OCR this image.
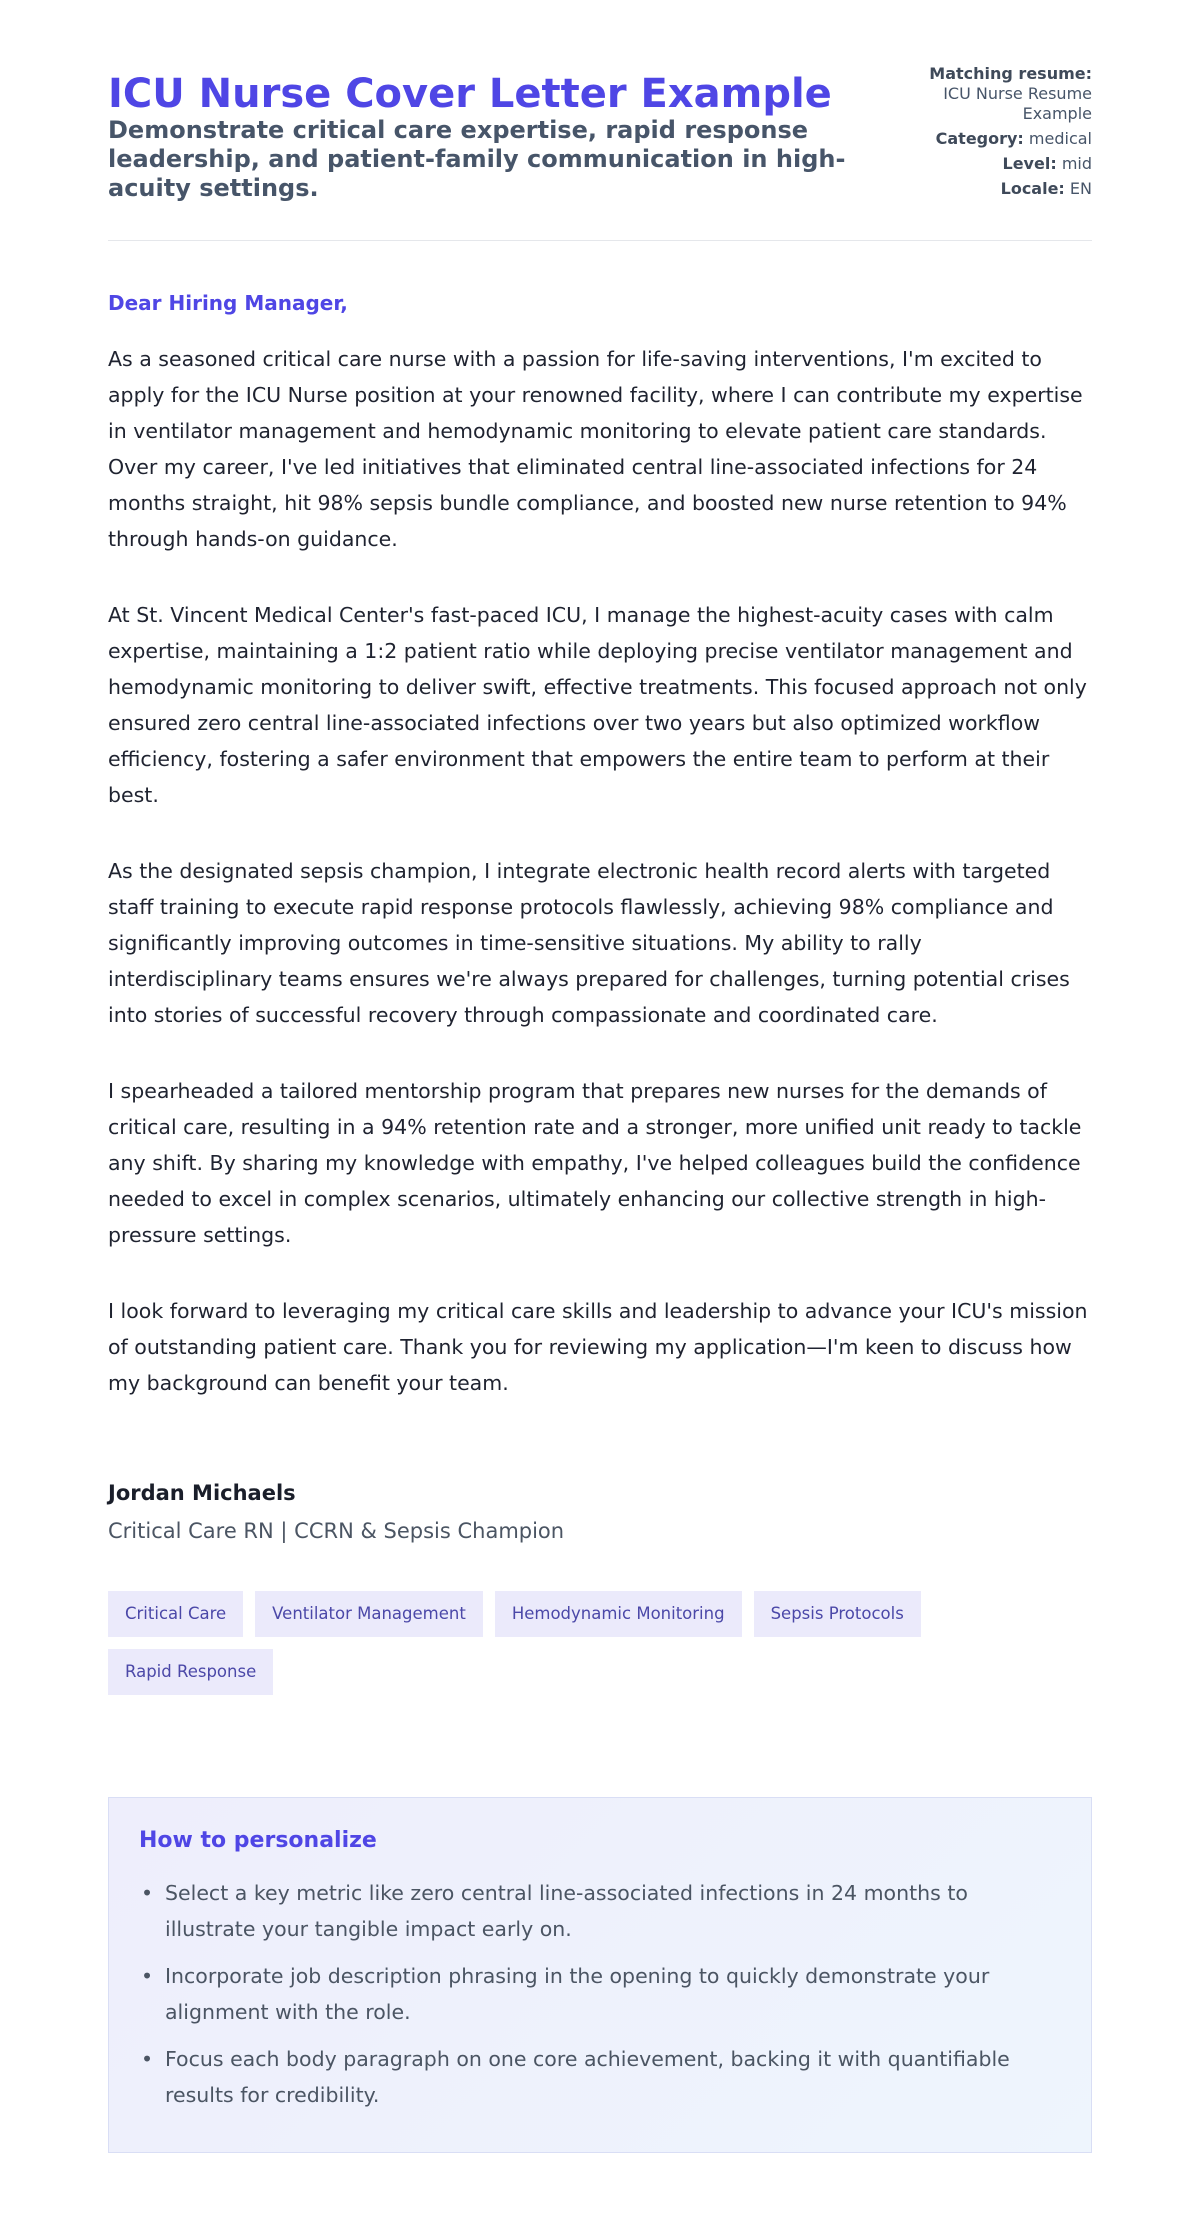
ICU Nurse Cover Letter Example
Demonstrate critical care expertise, rapid response leadership, and patient-family communication in high-acuity settings.
Matching resume:
ICU Nurse Resume Example
Category: medical
Level: mid
Locale: EN

Dear Hiring Manager,

As a seasoned critical care nurse with a passion for life-saving interventions, I'm excited to apply for the ICU Nurse position at your renowned facility, where I can contribute my expertise in ventilator management and hemodynamic monitoring to elevate patient care standards. Over my career, I've led initiatives that eliminated central line-associated infections for 24 months straight, hit 98% sepsis bundle compliance, and boosted new nurse retention to 94% through hands-on guidance.

At St. Vincent Medical Center's fast-paced ICU, I manage the highest-acuity cases with calm expertise, maintaining a 1:2 patient ratio while deploying precise ventilator management and hemodynamic monitoring to deliver swift, effective treatments. This focused approach not only ensured zero central line-associated infections over two years but also optimized workflow efficiency, fostering a safer environment that empowers the entire team to perform at their best.

As the designated sepsis champion, I integrate electronic health record alerts with targeted staff training to execute rapid response protocols flawlessly, achieving 98% compliance and significantly improving outcomes in time-sensitive situations. My ability to rally interdisciplinary teams ensures we're always prepared for challenges, turning potential crises into stories of successful recovery through compassionate and coordinated care.

I spearheaded a tailored mentorship program that prepares new nurses for the demands of critical care, resulting in a 94% retention rate and a stronger, more unified unit ready to tackle any shift. By sharing my knowledge with empathy, I've helped colleagues build the confidence needed to excel in complex scenarios, ultimately enhancing our collective strength in high-pressure settings.

I look forward to leveraging my critical care skills and leadership to advance your ICU's mission of outstanding patient care. Thank you for reviewing my application—I'm keen to discuss how my background can benefit your team.

Jordan Michaels
Critical Care RN | CCRN & Sepsis Champion
Critical Care	Ventilator Management	Hemodynamic Monitoring	Sepsis Protocols
Rapid Response
How to personalize
• Select a key metric like zero central line-associated infections in 24 months to illustrate your tangible impact early on.
• Incorporate job description phrasing in the opening to quickly demonstrate your alignment with the role.
• Focus each body paragraph on one core achievement, backing it with quantifiable results for credibility.
